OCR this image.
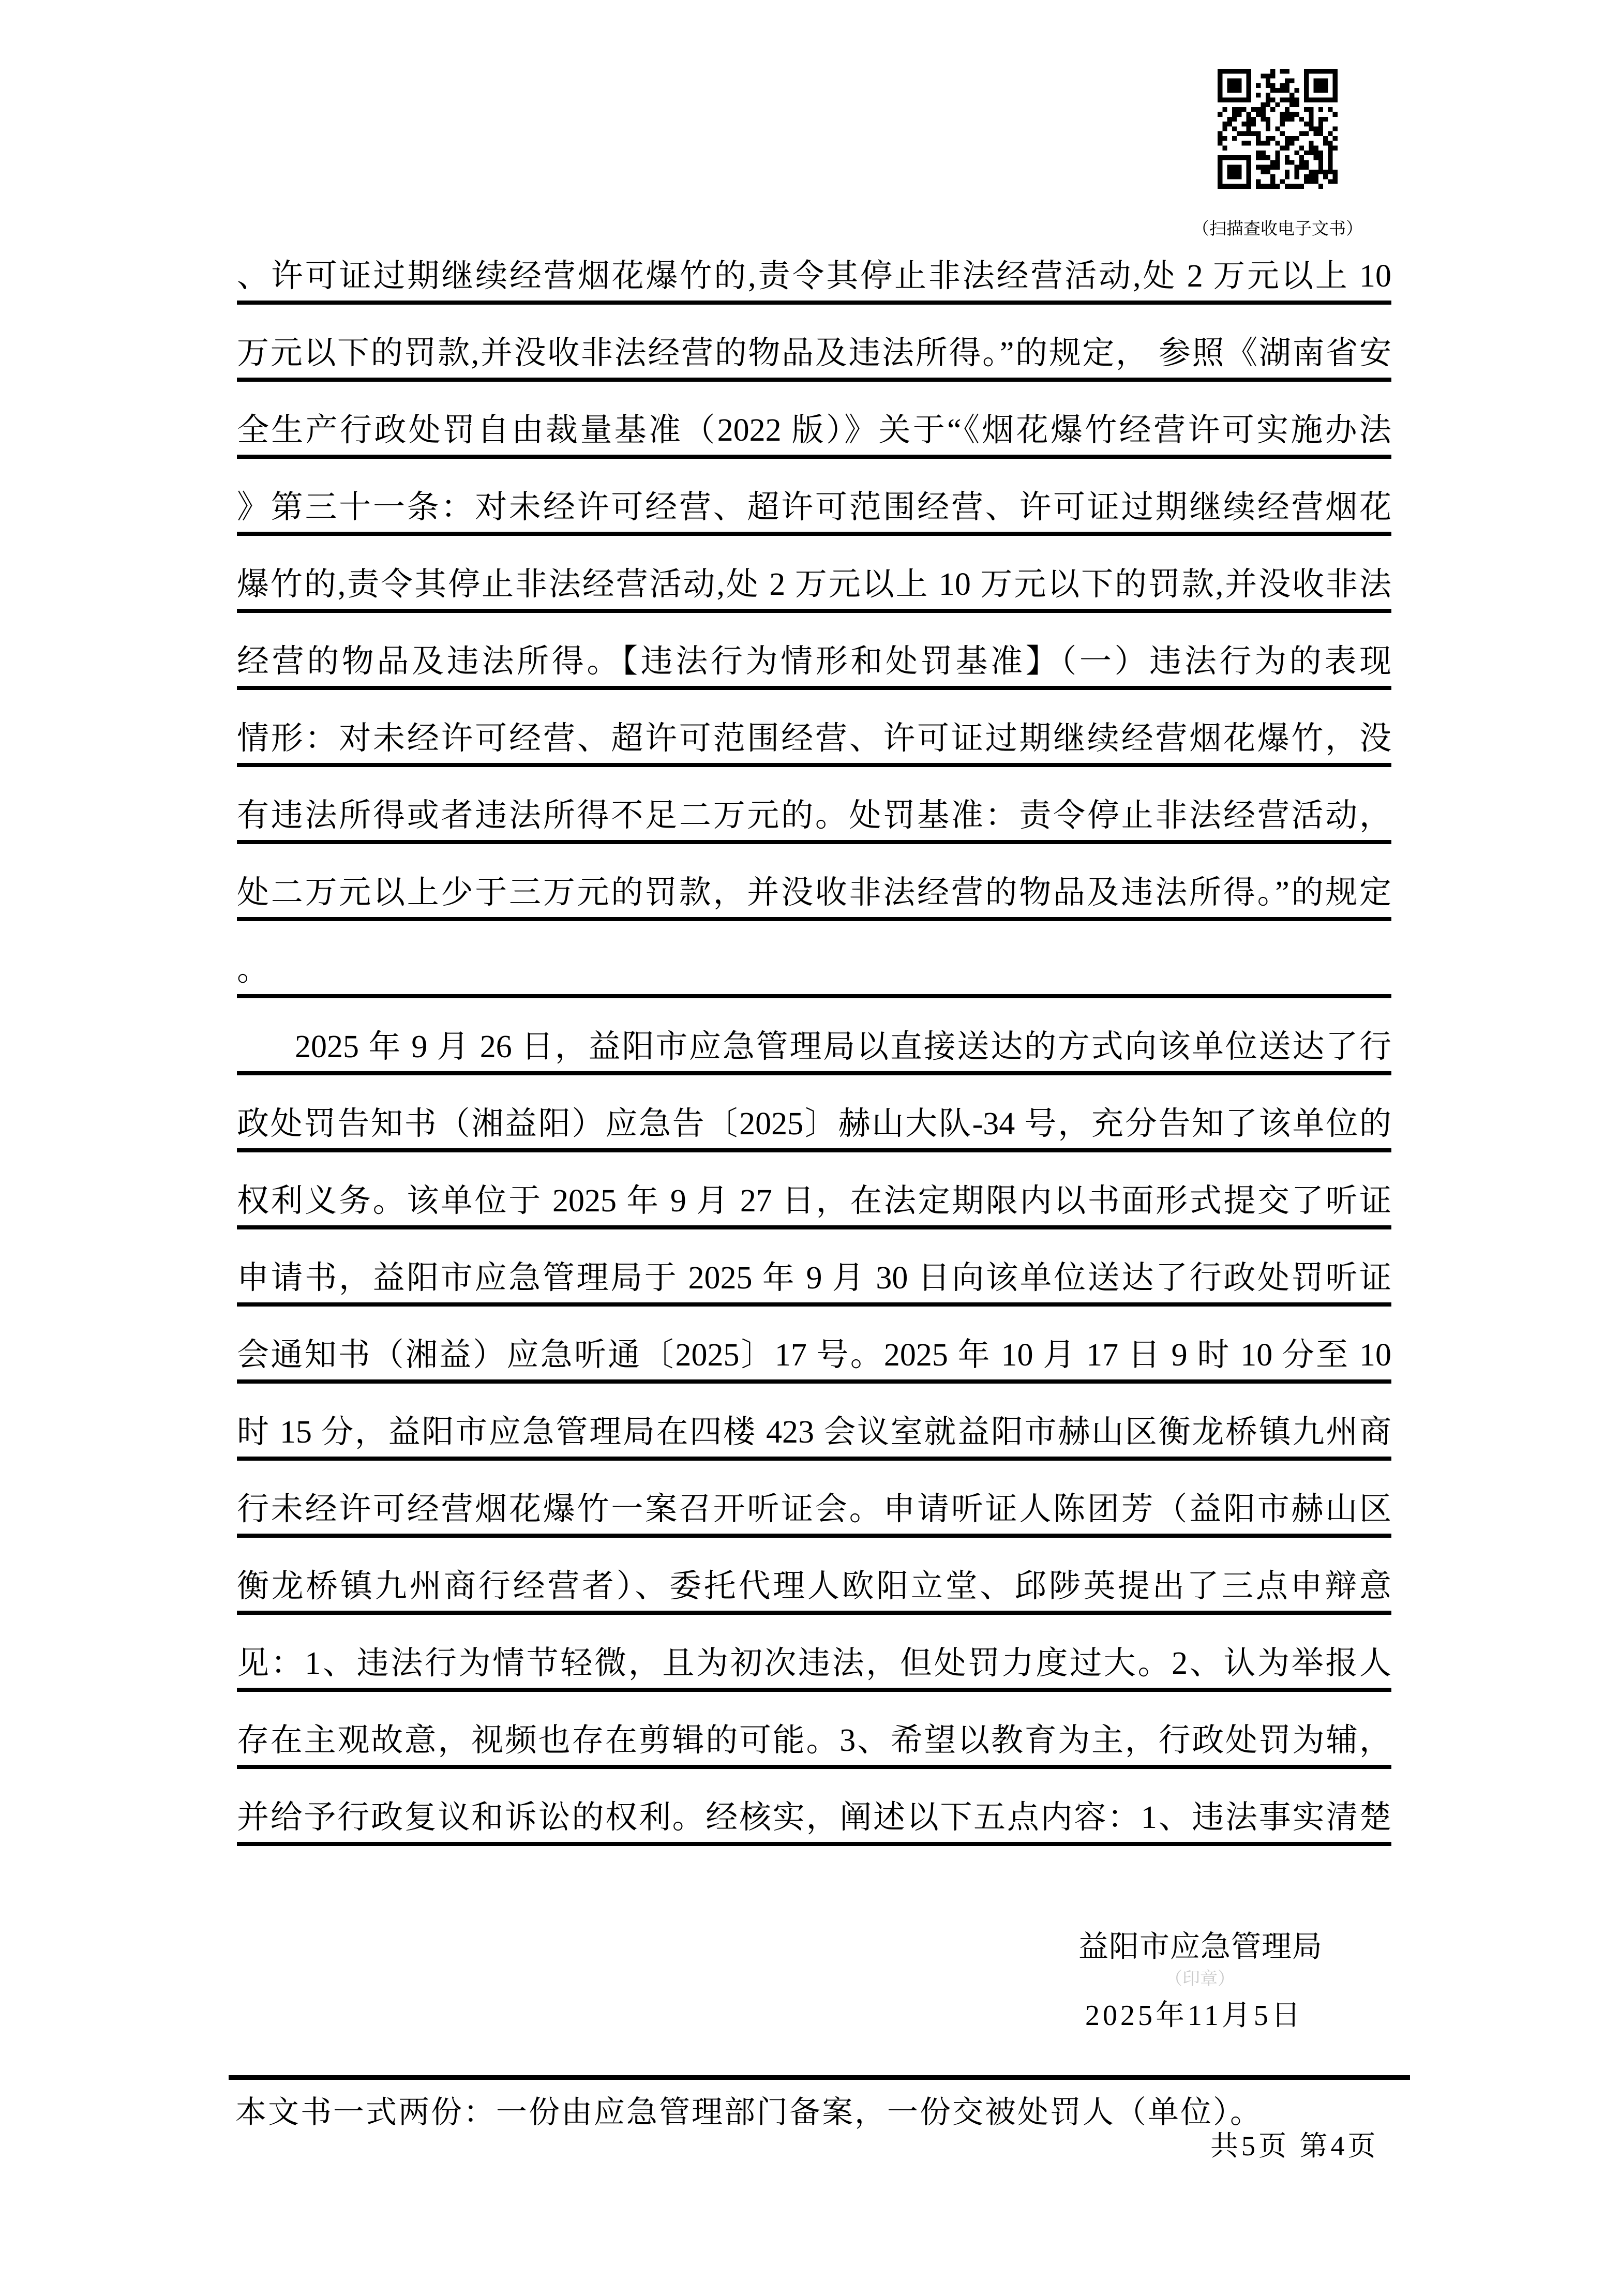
（扫描查收电子文书）
、许可证过期继续经营烟花爆竹的,责令其停止非法经营活动,处 2 万元以上 10
万元以下的罚款,并没收非法经营的物品及违法所得。”的规定， 参照《湖南省安
全生产行政处罚自由裁量基准（2022 版）》关于“《烟花爆竹经营许可实施办法
》第三十一条：对未经许可经营、超许可范围经营、许可证过期继续经营烟花
爆竹的,责令其停止非法经营活动,处 2 万元以上 10 万元以下的罚款,并没收非法
经营的物品及违法所得。【违法行为情形和处罚基准】（一）违法行为的表现
情形：对未经许可经营、超许可范围经营、许可证过期继续经营烟花爆竹，没
有违法所得或者违法所得不足二万元的。处罚基准：责令停止非法经营活动，
处二万元以上少于三万元的罚款，并没收非法经营的物品及违法所得。”的规定
。
2025 年 9 月 26 日，益阳市应急管理局以直接送达的方式向该单位送达了行
政处罚告知书（湘益阳）应急告〔2025〕赫山大队-34 号，充分告知了该单位的
权利义务。该单位于 2025 年 9 月 27 日，在法定期限内以书面形式提交了听证
申请书，益阳市应急管理局于 2025 年 9 月 30 日向该单位送达了行政处罚听证
会通知书（湘益）应急听通〔2025〕17 号。2025 年 10 月 17 日 9 时 10 分至 10
时 15 分，益阳市应急管理局在四楼 423 会议室就益阳市赫山区衡龙桥镇九州商
行未经许可经营烟花爆竹一案召开听证会。申请听证人陈团芳（益阳市赫山区
衡龙桥镇九州商行经营者）、委托代理人欧阳立堂、邱陟英提出了三点申辩意
见：1、违法行为情节轻微，且为初次违法，但处罚力度过大。2、认为举报人
存在主观故意，视频也存在剪辑的可能。3、希望以教育为主，行政处罚为辅，
并给予行政复议和诉讼的权利。经核实，阐述以下五点内容：1、违法事实清楚
益阳市应急管理局
（印章）
2025年11月5日
本文书一式两份：一份由应急管理部门备案，一份交被处罚人（单位）。
共5页 第4页
